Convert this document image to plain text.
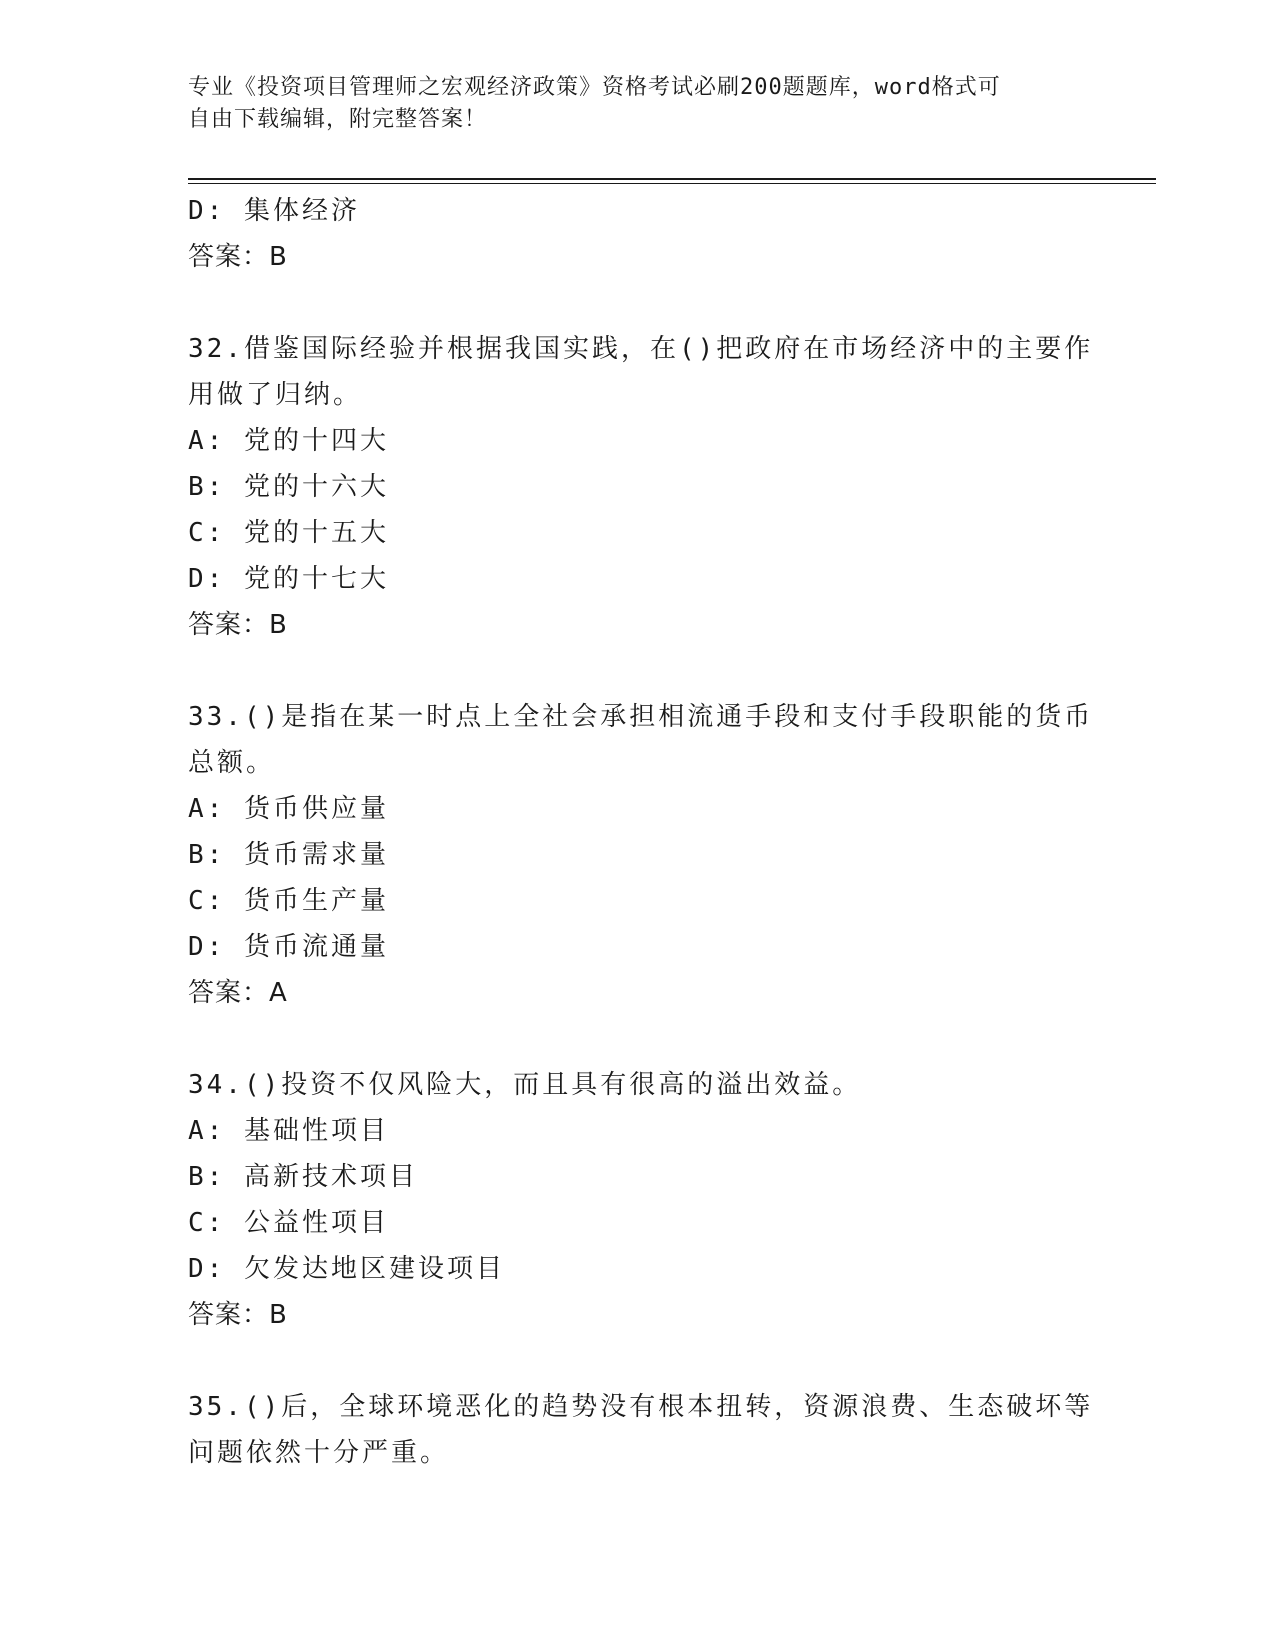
专业《投资项目管理师之宏观经济政策》资格考试必刷200题题库，word格式可
自由下载编辑，附完整答案！
D: 集体经济
答案：B
32.借鉴国际经验并根据我国实践，在()把政府在市场经济中的主要作
用做了归纳。
A: 党的十四大
B: 党的十六大
C: 党的十五大
D: 党的十七大
答案：B
33.()是指在某一时点上全社会承担相流通手段和支付手段职能的货币
总额。
A: 货币供应量
B: 货币需求量
C: 货币生产量
D: 货币流通量
答案：A
34.()投资不仅风险大，而且具有很高的溢出效益。
A: 基础性项目
B: 高新技术项目
C: 公益性项目
D: 欠发达地区建设项目
答案：B
35.()后，全球环境恶化的趋势没有根本扭转，资源浪费、生态破坏等
问题依然十分严重。
